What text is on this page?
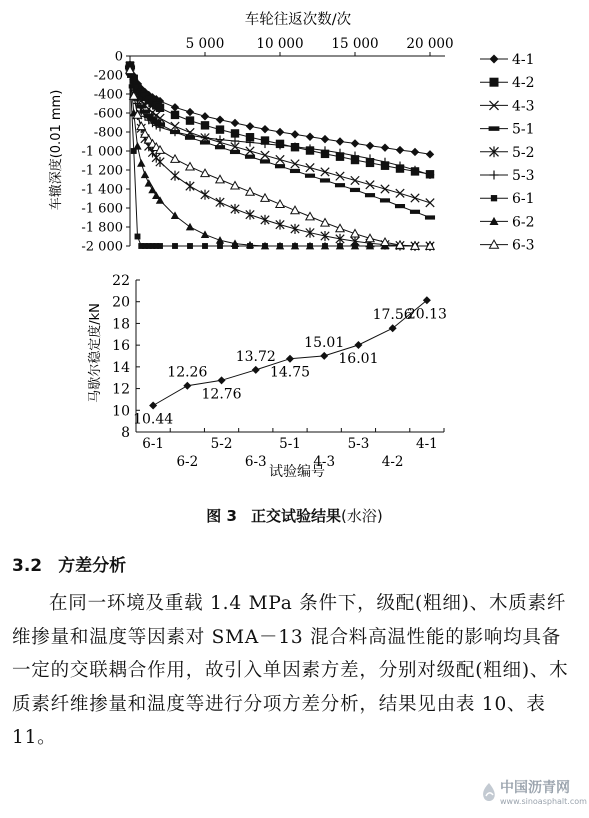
车轮往返次数/次
车辙深度(0.01 mm)
5 000 10 000 15 000 20 000
0
-200
-400
-600
-800
-1 000
-1 200
-1 400
-1 600
-1 800
-2 000
4-1
4-2
4-3
5-1
5-2
5-3
6-1
6-2
6-3
马歇尔稳定度/kN
试验编号
8
10
12
14
16
18
20
22
6-1
6-2
5-2
6-3
5-1
4-3
5-3
4-2
4-1
10.44
12.26
12.76
13.72
14.75
15.01
16.01
17.56
20.13
图 3 正交试验结果(水浴)
3.2 方差分析
在同一环境及重载 1.4 MPa 条件下，级配(粗细)、木质素纤维掺量和温度等因素对 SMA－13 混合料高温性能的影响均具备一定的交联耦合作用，故引入单因素方差，分别对级配(粗细)、木质素纤维掺量和温度等进行分项方差分析，结果见由表 10、表 11。
中国沥青网
www.sinoasphalt.com
